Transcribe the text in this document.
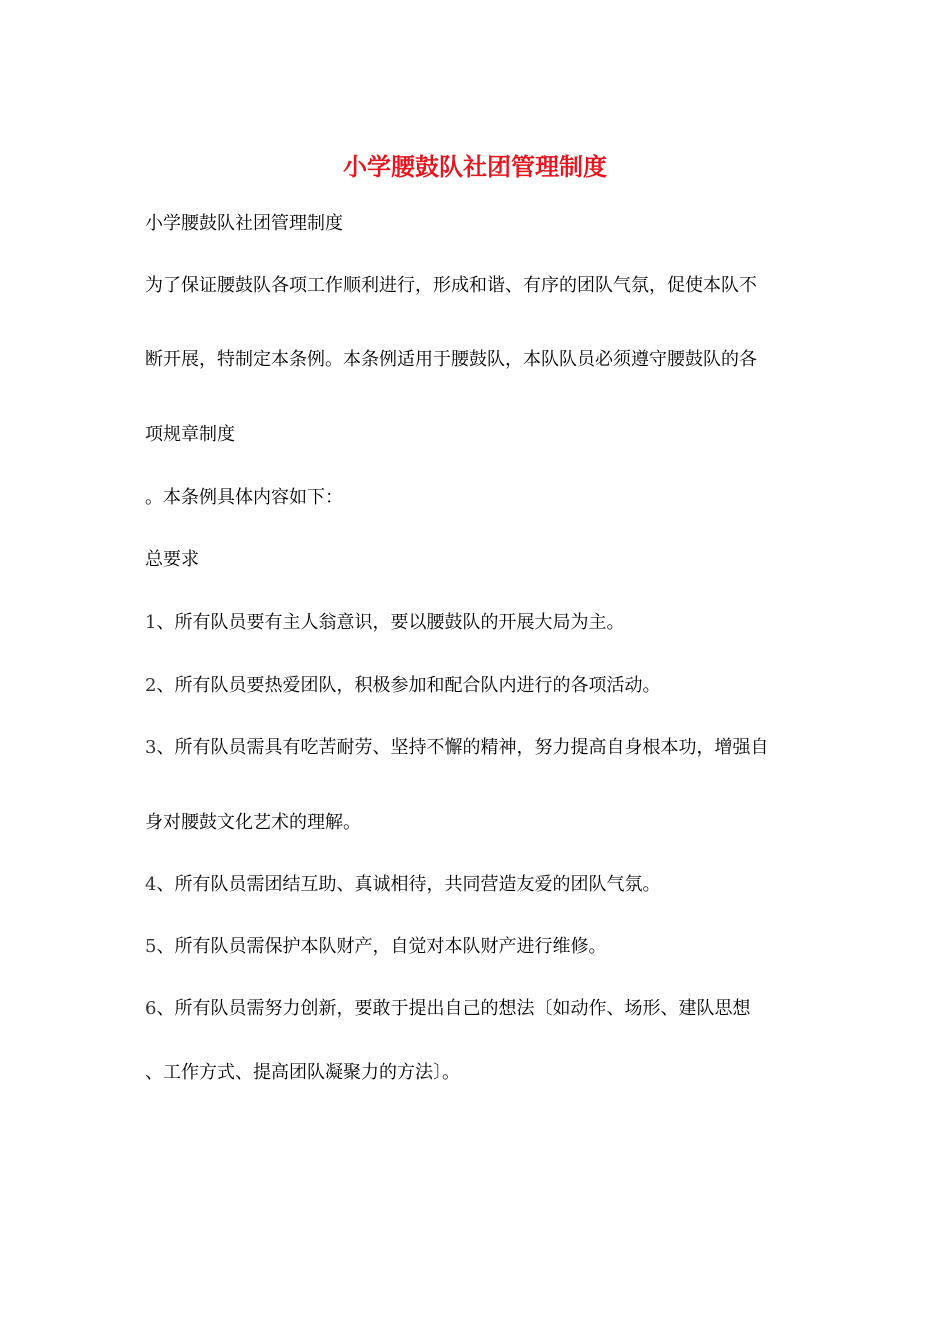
小学腰鼓队社团管理制度
小学腰鼓队社团管理制度
为了保证腰鼓队各项工作顺利进行，形成和谐、有序的团队气氛，促使本队不
断开展，特制定本条例。本条例适用于腰鼓队，本队队员必须遵守腰鼓队的各
项规章制度
。本条例具体内容如下：
总要求
1、所有队员要有主人翁意识，要以腰鼓队的开展大局为主。
2、所有队员要热爱团队，积极参加和配合队内进行的各项活动。
3、所有队员需具有吃苦耐劳、坚持不懈的精神，努力提高自身根本功，增强自
身对腰鼓文化艺术的理解。
4、所有队员需团结互助、真诚相待，共同营造友爱的团队气氛。
5、所有队员需保护本队财产，自觉对本队财产进行维修。
6、所有队员需努力创新，要敢于提出自己的想法〔如动作、场形、建队思想
、工作方式、提高团队凝聚力的方法〕。
